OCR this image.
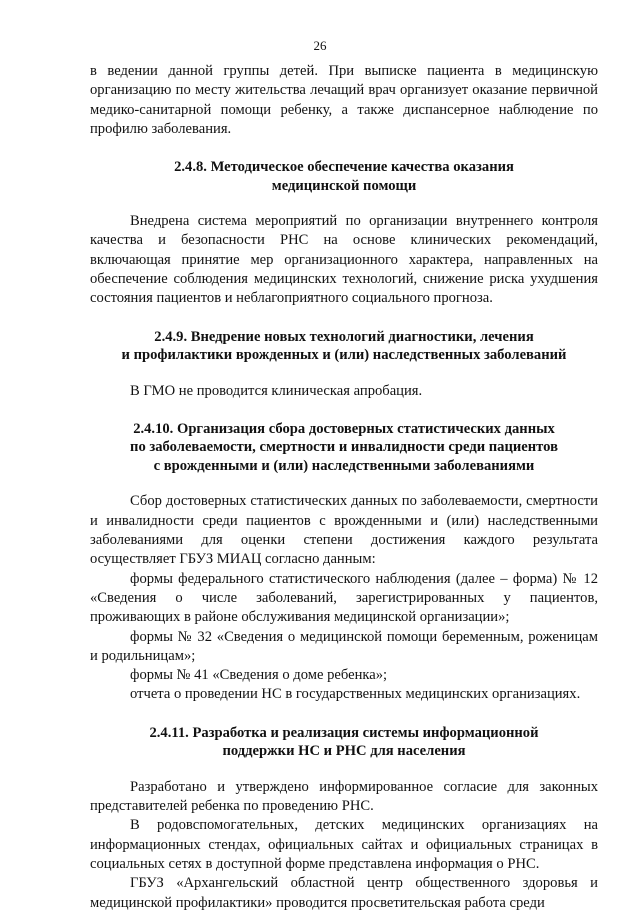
26

в ведении данной группы детей. При выписке пациента в медицинскую организацию по месту жительства лечащий врач организует оказание первичной медико-санитарной помощи ребенку, а также диспансерное наблюдение по профилю заболевания.

2.4.8. Методическое обеспечение качества оказания
медицинской помощи

Внедрена система мероприятий по организации внутреннего контроля качества и безопасности РНС на основе клинических рекомендаций, включающая принятие мер организационного характера, направленных на обеспечение соблюдения медицинских технологий, снижение риска ухудшения состояния пациентов и неблагоприятного социального прогноза.

2.4.9. Внедрение новых технологий диагностики, лечения
и профилактики врожденных и (или) наследственных заболеваний

В ГМО не проводится клиническая апробация.

2.4.10. Организация сбора достоверных статистических данных
по заболеваемости, смертности и инвалидности среди пациентов
с врожденными и (или) наследственными заболеваниями

Сбор достоверных статистических данных по заболеваемости, смертности и инвалидности среди пациентов с врожденными и (или) наследственными заболеваниями для оценки степени достижения каждого результата осуществляет ГБУЗ МИАЦ согласно данным:

формы федерального статистического наблюдения (далее – форма) № 12 «Сведения о числе заболеваний, зарегистрированных у пациентов, проживающих в районе обслуживания медицинской организации»;

формы № 32 «Сведения о медицинской помощи беременным, роженицам и родильницам»;

формы № 41 «Сведения о доме ребенка»;

отчета о проведении НС в государственных медицинских организациях.

2.4.11. Разработка и реализация системы информационной
поддержки НС и РНС для населения

Разработано и утверждено информированное согласие для законных представителей ребенка по проведению РНС.

В родовспомогательных, детских медицинских организациях на информационных стендах, официальных сайтах и официальных страницах в социальных сетях в доступной форме представлена информация о РНС.

ГБУЗ «Архангельский областной центр общественного здоровья и медицинской профилактики» проводится просветительская работа среди
